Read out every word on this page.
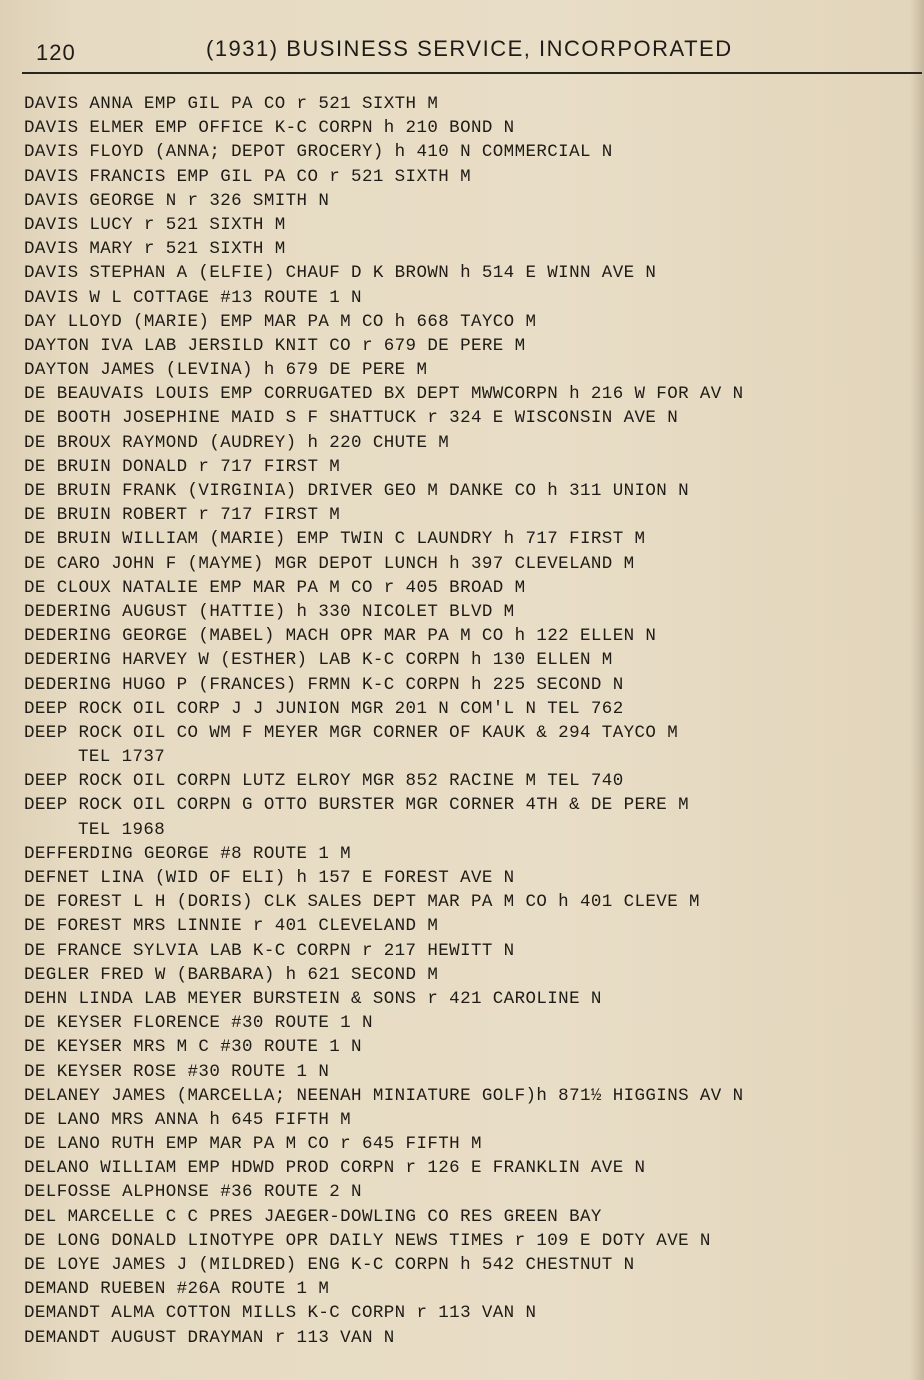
120	(1931) BUSINESS SERVICE, INCORPORATED
DAVIS ANNA EMP GIL PA CO r 521 SIXTH M
DAVIS ELMER EMP OFFICE K-C CORPN h 210 BOND N
DAVIS FLOYD (ANNA; DEPOT GROCERY) h 410 N COMMERCIAL N
DAVIS FRANCIS EMP GIL PA CO r 521 SIXTH M
DAVIS GEORGE N r 326 SMITH N
DAVIS LUCY r 521 SIXTH M
DAVIS MARY r 521 SIXTH M
DAVIS STEPHAN A (ELFIE) CHAUF D K BROWN h 514 E WINN AVE N
DAVIS W L COTTAGE #13 ROUTE 1 N
DAY LLOYD (MARIE) EMP MAR PA M CO h 668 TAYCO M
DAYTON IVA LAB JERSILD KNIT CO r 679 DE PERE M
DAYTON JAMES (LEVINA) h 679 DE PERE M
DE BEAUVAIS LOUIS EMP CORRUGATED BX DEPT MWWCORPN h 216 W FOR AV N
DE BOOTH JOSEPHINE MAID S F SHATTUCK r 324 E WISCONSIN AVE N
DE BROUX RAYMOND (AUDREY) h 220 CHUTE M
DE BRUIN DONALD r 717 FIRST M
DE BRUIN FRANK (VIRGINIA) DRIVER GEO M DANKE CO h 311 UNION N
DE BRUIN ROBERT r 717 FIRST M
DE BRUIN WILLIAM (MARIE) EMP TWIN C LAUNDRY h 717 FIRST M
DE CARO JOHN F (MAYME) MGR DEPOT LUNCH h 397 CLEVELAND M
DE CLOUX NATALIE EMP MAR PA M CO r 405 BROAD M
DEDERING AUGUST (HATTIE) h 330 NICOLET BLVD M
DEDERING GEORGE (MABEL) MACH OPR MAR PA M CO h 122 ELLEN N
DEDERING HARVEY W (ESTHER) LAB K-C CORPN h 130 ELLEN M
DEDERING HUGO P (FRANCES) FRMN K-C CORPN h 225 SECOND N
DEEP ROCK OIL CORP J J JUNION MGR 201 N COM'L N TEL 762
DEEP ROCK OIL CO WM F MEYER MGR CORNER OF KAUK & 294 TAYCO M
TEL 1737
DEEP ROCK OIL CORPN LUTZ ELROY MGR 852 RACINE M TEL 740
DEEP ROCK OIL CORPN G OTTO BURSTER MGR CORNER 4TH & DE PERE M
TEL 1968
DEFFERDING GEORGE #8 ROUTE 1 M
DEFNET LINA (WID OF ELI) h 157 E FOREST AVE N
DE FOREST L H (DORIS) CLK SALES DEPT MAR PA M CO h 401 CLEVE M
DE FOREST MRS LINNIE r 401 CLEVELAND M
DE FRANCE SYLVIA LAB K-C CORPN r 217 HEWITT N
DEGLER FRED W (BARBARA) h 621 SECOND M
DEHN LINDA LAB MEYER BURSTEIN & SONS r 421 CAROLINE N
DE KEYSER FLORENCE #30 ROUTE 1 N
DE KEYSER MRS M C #30 ROUTE 1 N
DE KEYSER ROSE #30 ROUTE 1 N
DELANEY JAMES (MARCELLA; NEENAH MINIATURE GOLF)h 871½ HIGGINS AV N
DE LANO MRS ANNA h 645 FIFTH M
DE LANO RUTH EMP MAR PA M CO r 645 FIFTH M
DELANO WILLIAM EMP HDWD PROD CORPN r 126 E FRANKLIN AVE N
DELFOSSE ALPHONSE #36 ROUTE 2 N
DEL MARCELLE C C PRES JAEGER-DOWLING CO RES GREEN BAY
DE LONG DONALD LINOTYPE OPR DAILY NEWS TIMES r 109 E DOTY AVE N
DE LOYE JAMES J (MILDRED) ENG K-C CORPN h 542 CHESTNUT N
DEMAND RUEBEN #26A ROUTE 1 M
DEMANDT ALMA COTTON MILLS K-C CORPN r 113 VAN N
DEMANDT AUGUST DRAYMAN r 113 VAN N
